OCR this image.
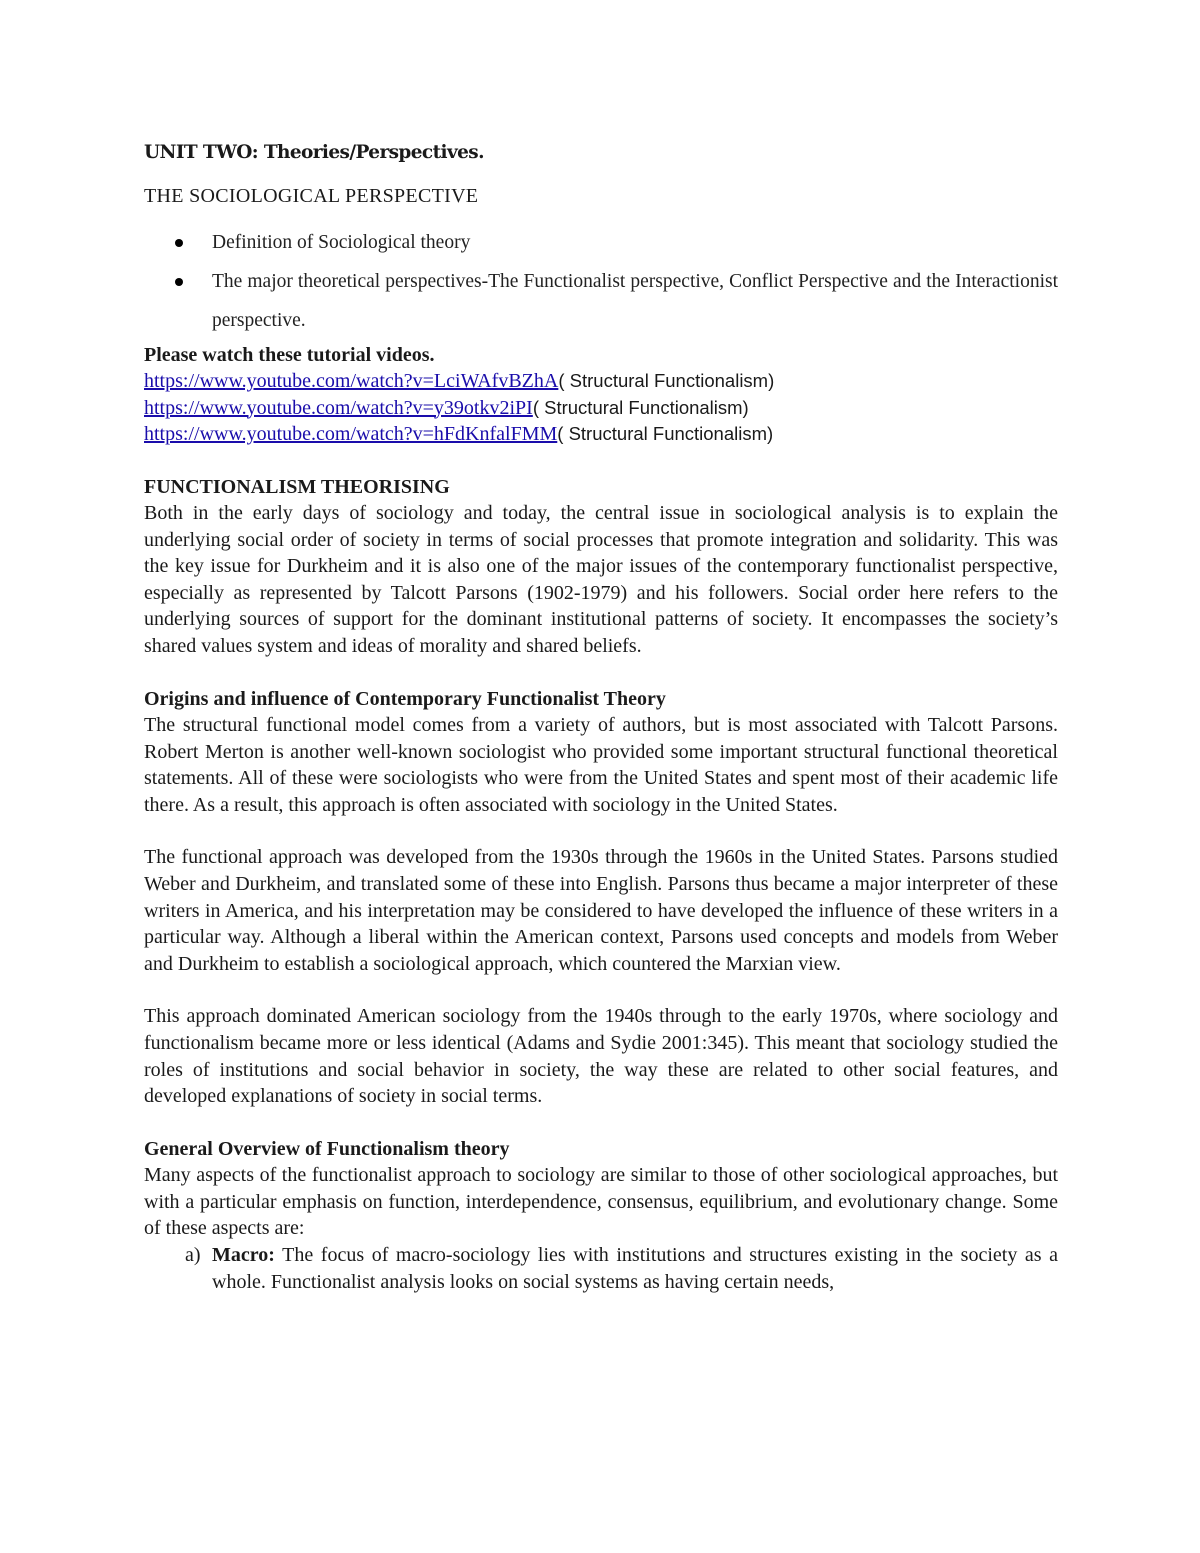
UNIT TWO: Theories/Perspectives.
THE SOCIOLOGICAL PERSPECTIVE
Definition of Sociological theory
The major theoretical perspectives-The Functionalist perspective, Conflict Perspective and the Interactionist perspective.
Please watch these tutorial videos.
https://www.youtube.com/watch?v=LciWAfvBZhA( Structural Functionalism)
https://www.youtube.com/watch?v=y39otkv2iPI( Structural Functionalism)
https://www.youtube.com/watch?v=hFdKnfalFMM( Structural Functionalism)
FUNCTIONALISM THEORISING

Both in the early days of sociology and today, the central issue in sociological analysis is to explain the underlying social order of society in terms of social processes that promote integration and solidarity. This was the key issue for Durkheim and it is also one of the major issues of the contemporary functionalist perspective, especially as represented by Talcott Parsons (1902-1979) and his followers. Social order here refers to the underlying sources of support for the dominant institutional patterns of society. It encompasses the society’s shared values system and ideas of morality and shared beliefs.

Origins and influence of Contemporary Functionalist Theory

The structural functional model comes from a variety of authors, but is most associated with Talcott Parsons. Robert Merton is another well-known sociologist who provided some important structural functional theoretical statements. All of these were sociologists who were from the United States and spent most of their academic life there. As a result, this approach is often associated with sociology in the United States.

The functional approach was developed from the 1930s through the 1960s in the United States. Parsons studied Weber and Durkheim, and translated some of these into English. Parsons thus became a major interpreter of these writers in America, and his interpretation may be considered to have developed the influence of these writers in a particular way. Although a liberal within the American context, Parsons used concepts and models from Weber and Durkheim to establish a sociological approach, which countered the Marxian view.

This approach dominated American sociology from the 1940s through to the early 1970s, where sociology and functionalism became more or less identical (Adams and Sydie 2001:345). This meant that sociology studied the roles of institutions and social behavior in society, the way these are related to other social features, and developed explanations of society in social terms.

General Overview of Functionalism theory

Many aspects of the functionalist approach to sociology are similar to those of other sociological approaches, but with a particular emphasis on function, interdependence, consensus, equilibrium, and evolutionary change. Some of these aspects are:

a) Macro: The focus of macro-sociology lies with institutions and structures existing in the society as a whole. Functionalist analysis looks on social systems as having certain needs,
